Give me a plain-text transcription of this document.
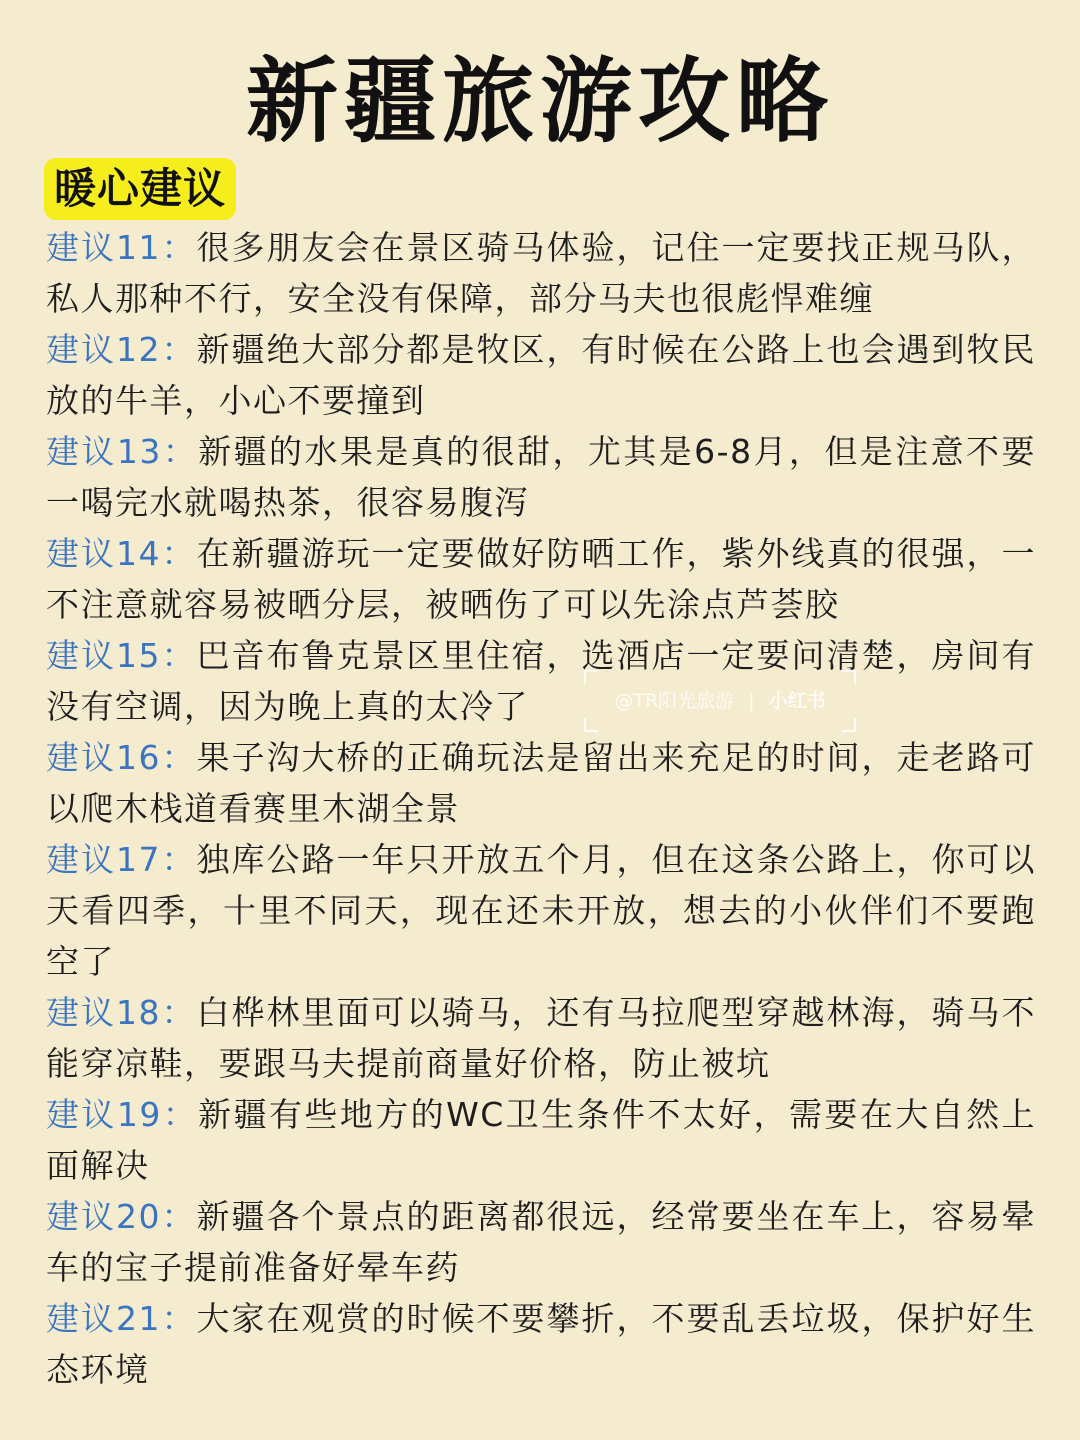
新疆旅游攻略
暖心建议
建议11：很多朋友会在景区骑马体验，记住一定要找正规马队，私人那种不行，安全没有保障，部分马夫也很彪悍难缠
建议12：新疆绝大部分都是牧区，有时候在公路上也会遇到牧民放的牛羊，小心不要撞到
建议13：新疆的水果是真的很甜，尤其是6-8月，但是注意不要一喝完水就喝热茶，很容易腹泻
建议14：在新疆游玩一定要做好防晒工作，紫外线真的很强，一不注意就容易被晒分层，被晒伤了可以先涂点芦荟胶
建议15：巴音布鲁克景区里住宿，选酒店一定要问清楚，房间有没有空调，因为晚上真的太冷了
建议16：果子沟大桥的正确玩法是留出来充足的时间，走老路可以爬木栈道看赛里木湖全景
建议17：独库公路一年只开放五个月，但在这条公路上，你可以天看四季，十里不同天，现在还未开放，想去的小伙伴们不要跑空了
建议18：白桦林里面可以骑马，还有马拉爬型穿越林海，骑马不能穿凉鞋，要跟马夫提前商量好价格，防止被坑
建议19：新疆有些地方的WC卫生条件不太好，需要在大自然上面解决
建议20：新疆各个景点的距离都很远，经常要坐在车上，容易晕车的宝子提前准备好晕车药
建议21：大家在观赏的时候不要攀折，不要乱丢垃圾，保护好生态环境
@TR阳光旅游 | 小红书
